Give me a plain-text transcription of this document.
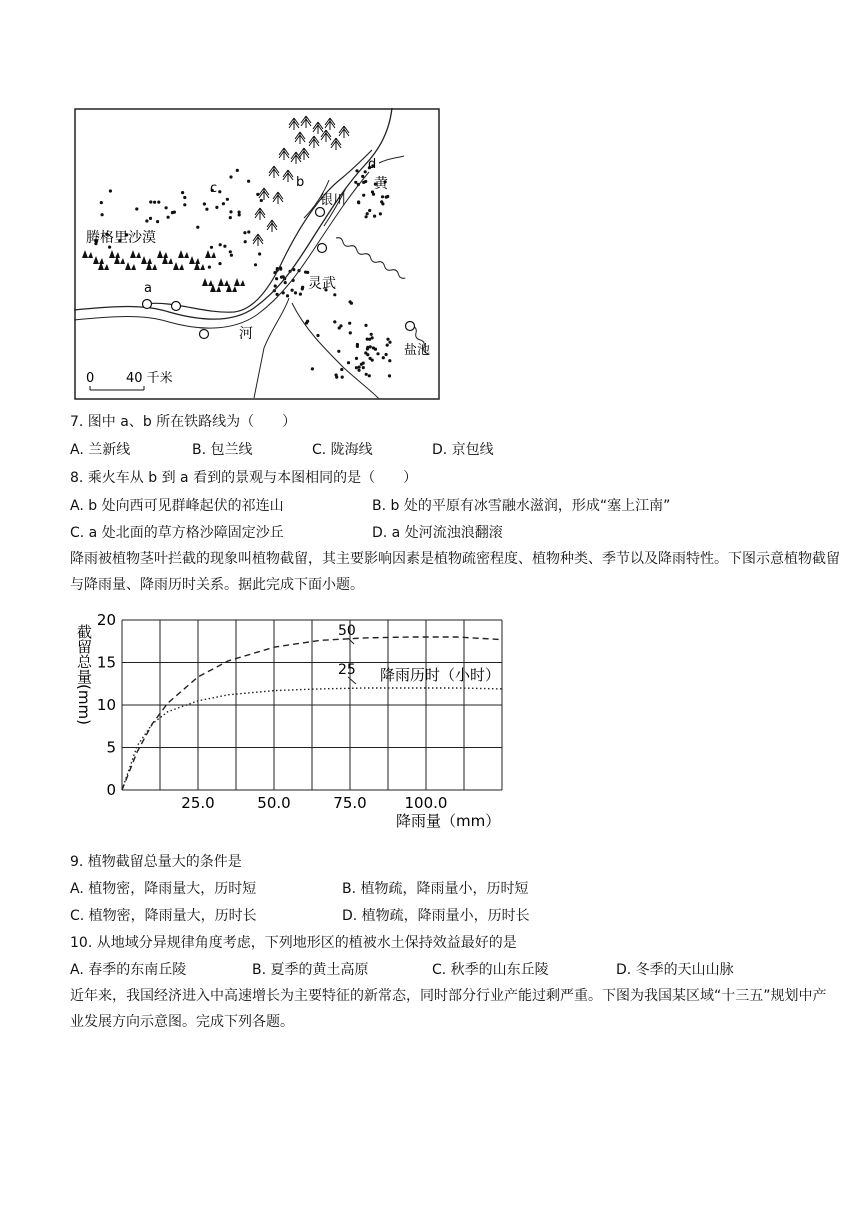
腾格里沙漠
银川
灵武
盐池
河
黄
a
b
c
d
0 40 千米
7. 图中 a、b 所在铁路线为（　　）
A. 兰新线	B. 包兰线	C. 陇海线	D. 京包线
8. 乘火车从 b 到 a 看到的景观与本图相同的是（　　）
A. b 处向西可见群峰起伏的祁连山	B. b 处的平原有冰雪融水滋润，形成“塞上江南”
C. a 处北面的草方格沙障固定沙丘	D. a 处河流浊浪翻滚
降雨被植物茎叶拦截的现象叫植物截留，其主要影响因素是植物疏密程度、植物种类、季节以及降雨特性。下图示意植物截留与降雨量、降雨历时关系。据此完成下面小题。
0
5
10
15
20
25.0	50.0	75.0	100.0
截留总量(mm)
降雨量（mm）
降雨历时（小时）
50
25
9. 植物截留总量大的条件是
A. 植物密，降雨量大，历时短	B. 植物疏，降雨量小，历时短
C. 植物密，降雨量大，历时长	D. 植物疏，降雨量小，历时长
10. 从地域分异规律角度考虑，下列地形区的植被水土保持效益最好的是
A. 春季的东南丘陵	B. 夏季的黄土高原	C. 秋季的山东丘陵	D. 冬季的天山山脉
近年来，我国经济进入中高速增长为主要特征的新常态，同时部分行业产能过剩严重。下图为我国某区域“十三五”规划中产业发展方向示意图。完成下列各题。
